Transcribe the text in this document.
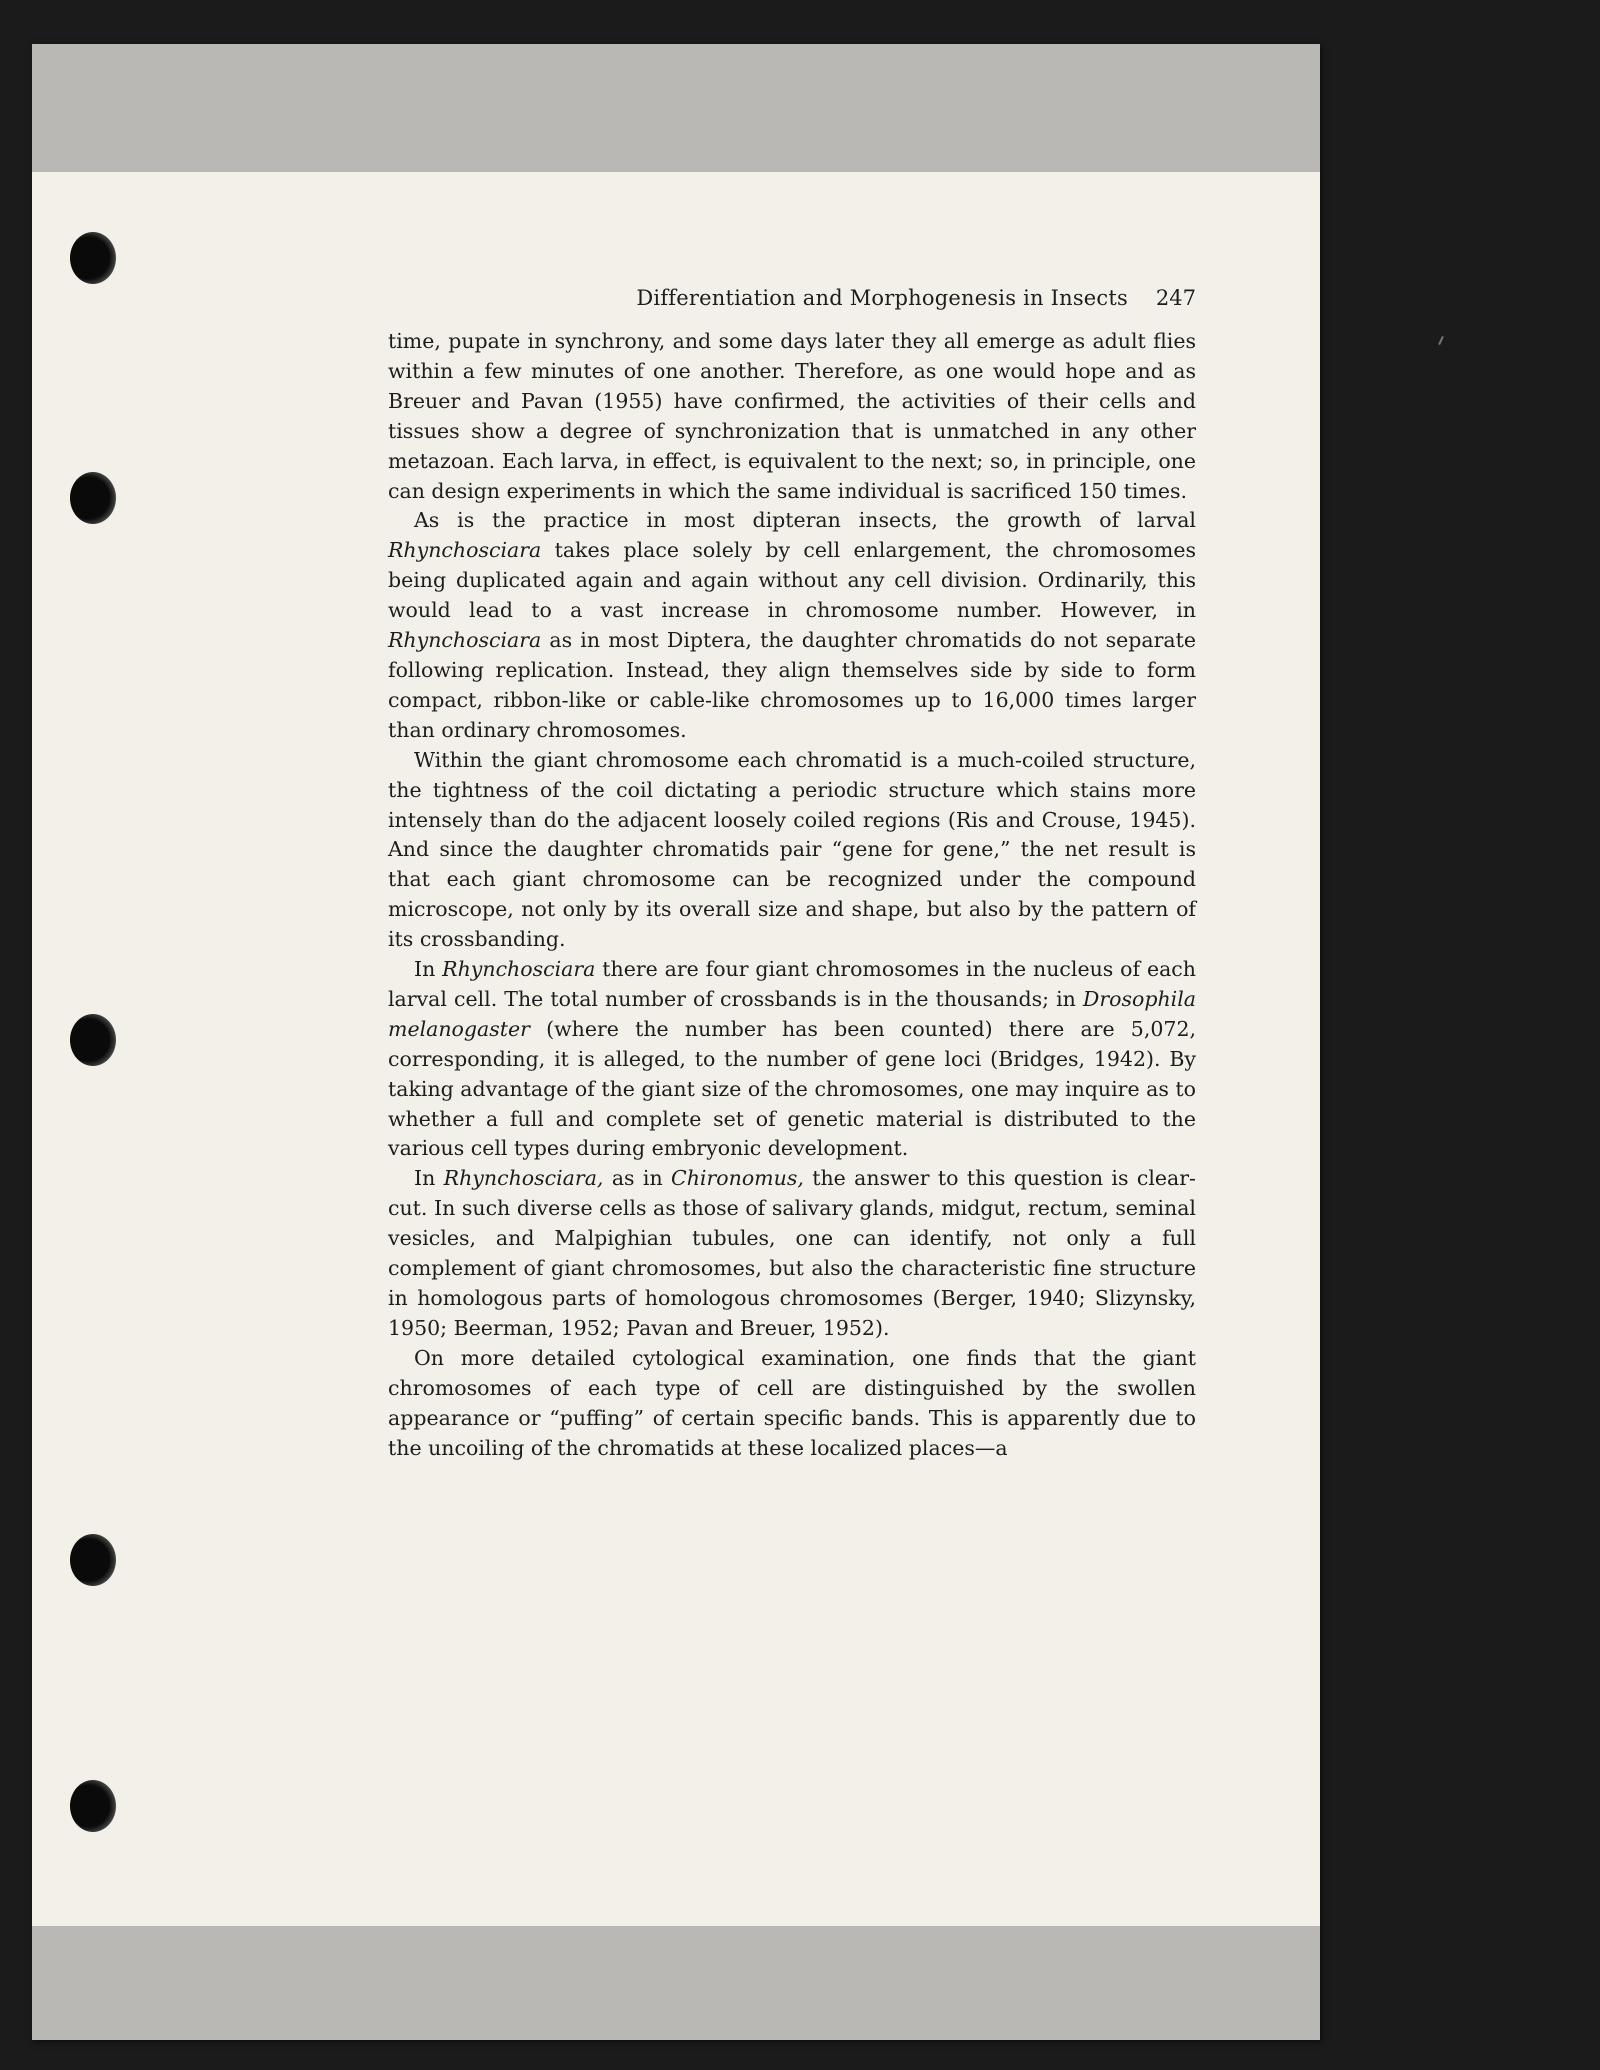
Differentiation and Morphogenesis in Insects 247

time, pupate in synchrony, and some days later they all emerge as adult flies within a few minutes of one another. Therefore, as one would hope and as Breuer and Pavan (1955) have confirmed, the activities of their cells and tissues show a degree of synchronization that is unmatched in any other metazoan. Each larva, in effect, is equivalent to the next; so, in principle, one can design experiments in which the same individual is sacrificed 150 times.

As is the practice in most dipteran insects, the growth of larval Rhynchosciara takes place solely by cell enlargement, the chromosomes being duplicated again and again without any cell division. Ordinarily, this would lead to a vast increase in chromosome number. However, in Rhynchosciara as in most Diptera, the daughter chromatids do not separate following replication. Instead, they align themselves side by side to form compact, ribbon-like or cable-like chromosomes up to 16,000 times larger than ordinary chromosomes.

Within the giant chromosome each chromatid is a much-coiled structure, the tightness of the coil dictating a periodic structure which stains more intensely than do the adjacent loosely coiled regions (Ris and Crouse, 1945). And since the daughter chromatids pair “gene for gene,” the net result is that each giant chromosome can be recognized under the compound microscope, not only by its overall size and shape, but also by the pattern of its crossbanding.

In Rhynchosciara there are four giant chromosomes in the nucleus of each larval cell. The total number of crossbands is in the thousands; in Drosophila melanogaster (where the number has been counted) there are 5,072, corresponding, it is alleged, to the number of gene loci (Bridges, 1942). By taking advantage of the giant size of the chromosomes, one may inquire as to whether a full and complete set of genetic material is distributed to the various cell types during embryonic development.

In Rhynchosciara, as in Chironomus, the answer to this question is clear-cut. In such diverse cells as those of salivary glands, midgut, rectum, seminal vesicles, and Malpighian tubules, one can identify, not only a full complement of giant chromosomes, but also the characteristic fine structure in homologous parts of homologous chromosomes (Berger, 1940; Slizynsky, 1950; Beerman, 1952; Pavan and Breuer, 1952).

On more detailed cytological examination, one finds that the giant chromosomes of each type of cell are distinguished by the swollen appearance or “puffing” of certain specific bands. This is apparently due to the uncoiling of the chromatids at these localized places—a
